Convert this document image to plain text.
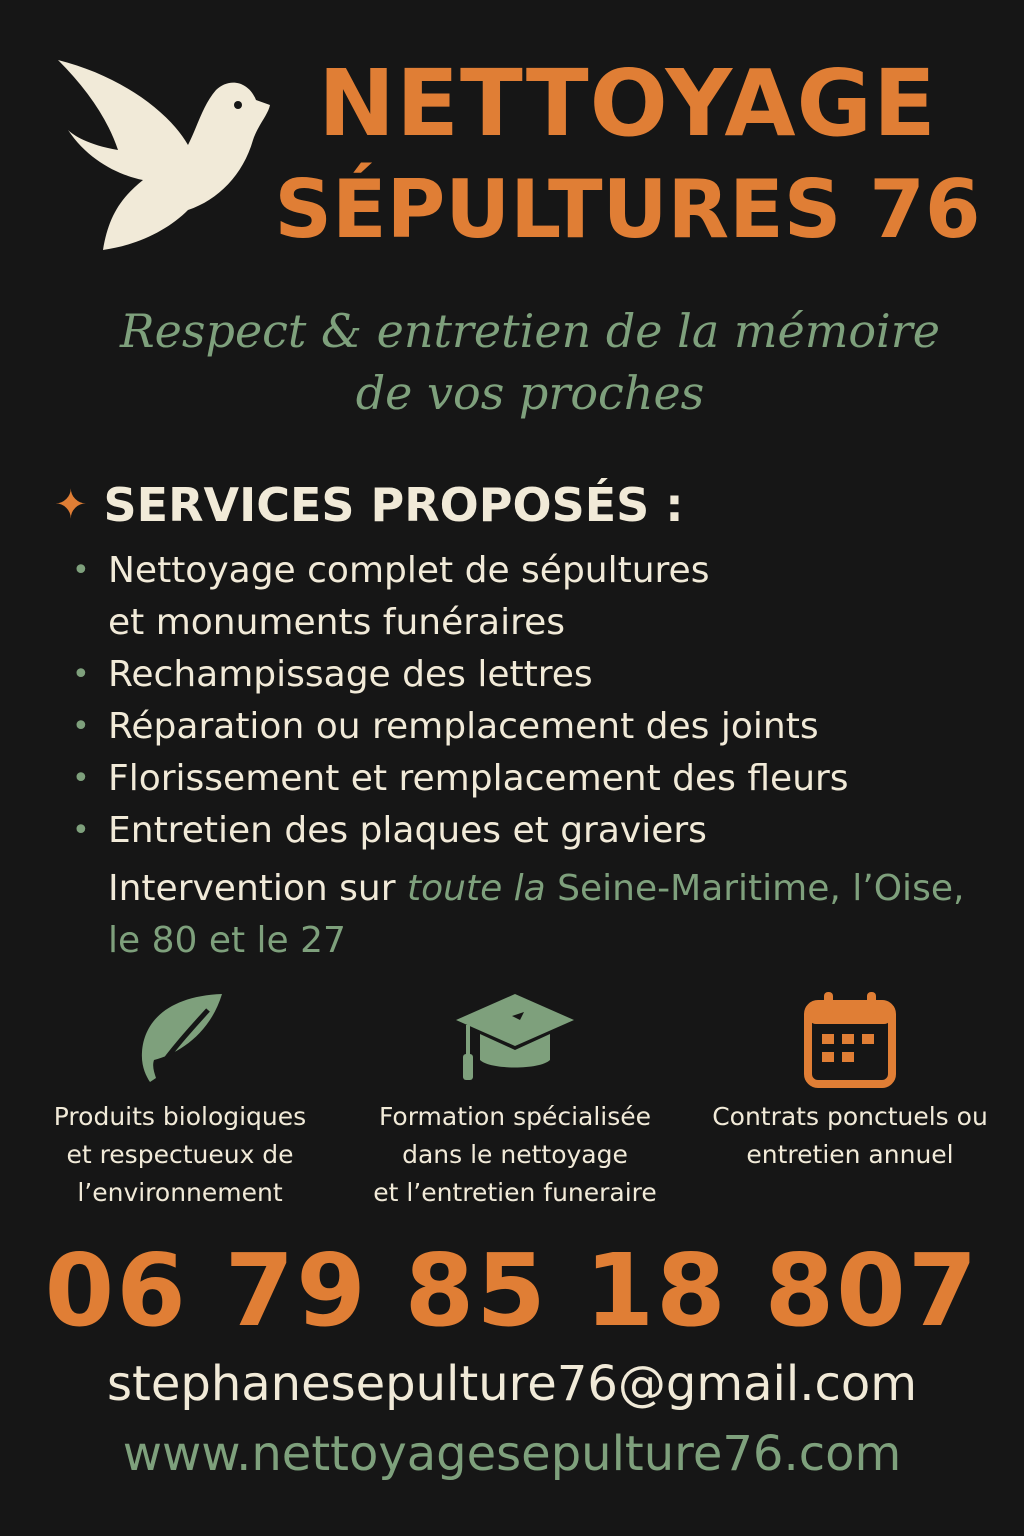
NETTOYAGE
SÉPULTURES 76
Respect & entretien de la mémoire
de vos proches
✦ SERVICES PROPOSÉS :
• Nettoyage complet de sépultures et monuments funéraires
• Rechampissage des lettres
• Réparation ou remplacement des joints
• Florissement et remplacement des fleurs
• Entretien des plaques et graviers
Intervention sur toute la Seine-Maritime, l’Oise, le 80 et le 27
Produits biologiques
et respectueux de
l’environnement
Formation spécialisée
dans le nettoyage
et l’entretien funeraire
Contrats ponctuels ou
entretien annuel
06 79 85 18 807
stephanesepulture76@gmail.com
www.nettoyagesepulture76.com
